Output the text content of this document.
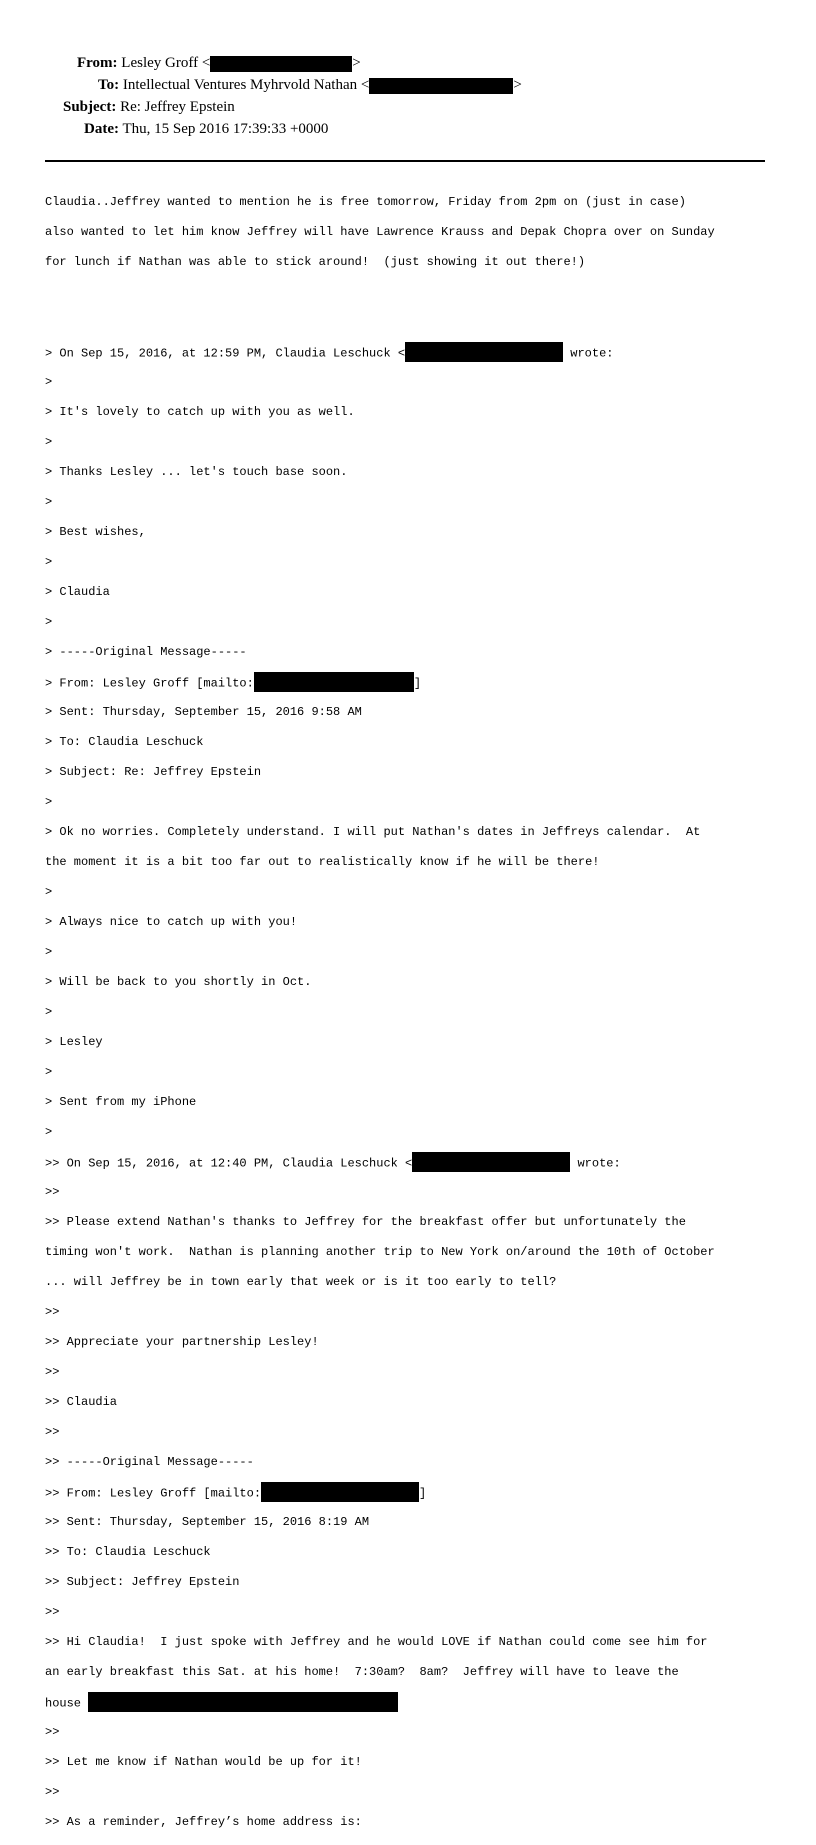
From: Lesley Groff <	>
To: Intellectual Ventures Myhrvold Nathan <	>
Subject: Re: Jeffrey Epstein
Date: Thu, 15 Sep 2016 17:39:33 +0000

Claudia..Jeffrey wanted to mention he is free tomorrow, Friday from 2pm on (just in case)

also wanted to let him know Jeffrey will have Lawrence Krauss and Depak Chopra over on Sunday

for lunch if Nathan was able to stick around!  (just showing it out there!)

> On Sep 15, 2016, at 12:59 PM, Claudia Leschuck <	wrote:

>

> It's lovely to catch up with you as well.

>

> Thanks Lesley ... let's touch base soon.

>

> Best wishes,

>

> Claudia

>

> -----Original Message-----

> From: Lesley Groff [mailto:	]

> Sent: Thursday, September 15, 2016 9:58 AM

> To: Claudia Leschuck

> Subject: Re: Jeffrey Epstein

>

> Ok no worries. Completely understand. I will put Nathan's dates in Jeffreys calendar.  At

the moment it is a bit too far out to realistically know if he will be there!

>

> Always nice to catch up with you!

>

> Will be back to you shortly in Oct.

>

> Lesley

>

> Sent from my iPhone

>

>> On Sep 15, 2016, at 12:40 PM, Claudia Leschuck <	wrote:

>>

>> Please extend Nathan's thanks to Jeffrey for the breakfast offer but unfortunately the

timing won't work.  Nathan is planning another trip to New York on/around the 10th of October

... will Jeffrey be in town early that week or is it too early to tell?

>>

>> Appreciate your partnership Lesley!

>>

>> Claudia

>>

>> -----Original Message-----

>> From: Lesley Groff [mailto:	]

>> Sent: Thursday, September 15, 2016 8:19 AM

>> To: Claudia Leschuck

>> Subject: Jeffrey Epstein

>>

>> Hi Claudia!  I just spoke with Jeffrey and he would LOVE if Nathan could come see him for

an early breakfast this Sat. at his home!  7:30am?  8am?  Jeffrey will have to leave the

house

>>

>> Let me know if Nathan would be up for it!

>>

>> As a reminder, Jeffrey’s home address is:
